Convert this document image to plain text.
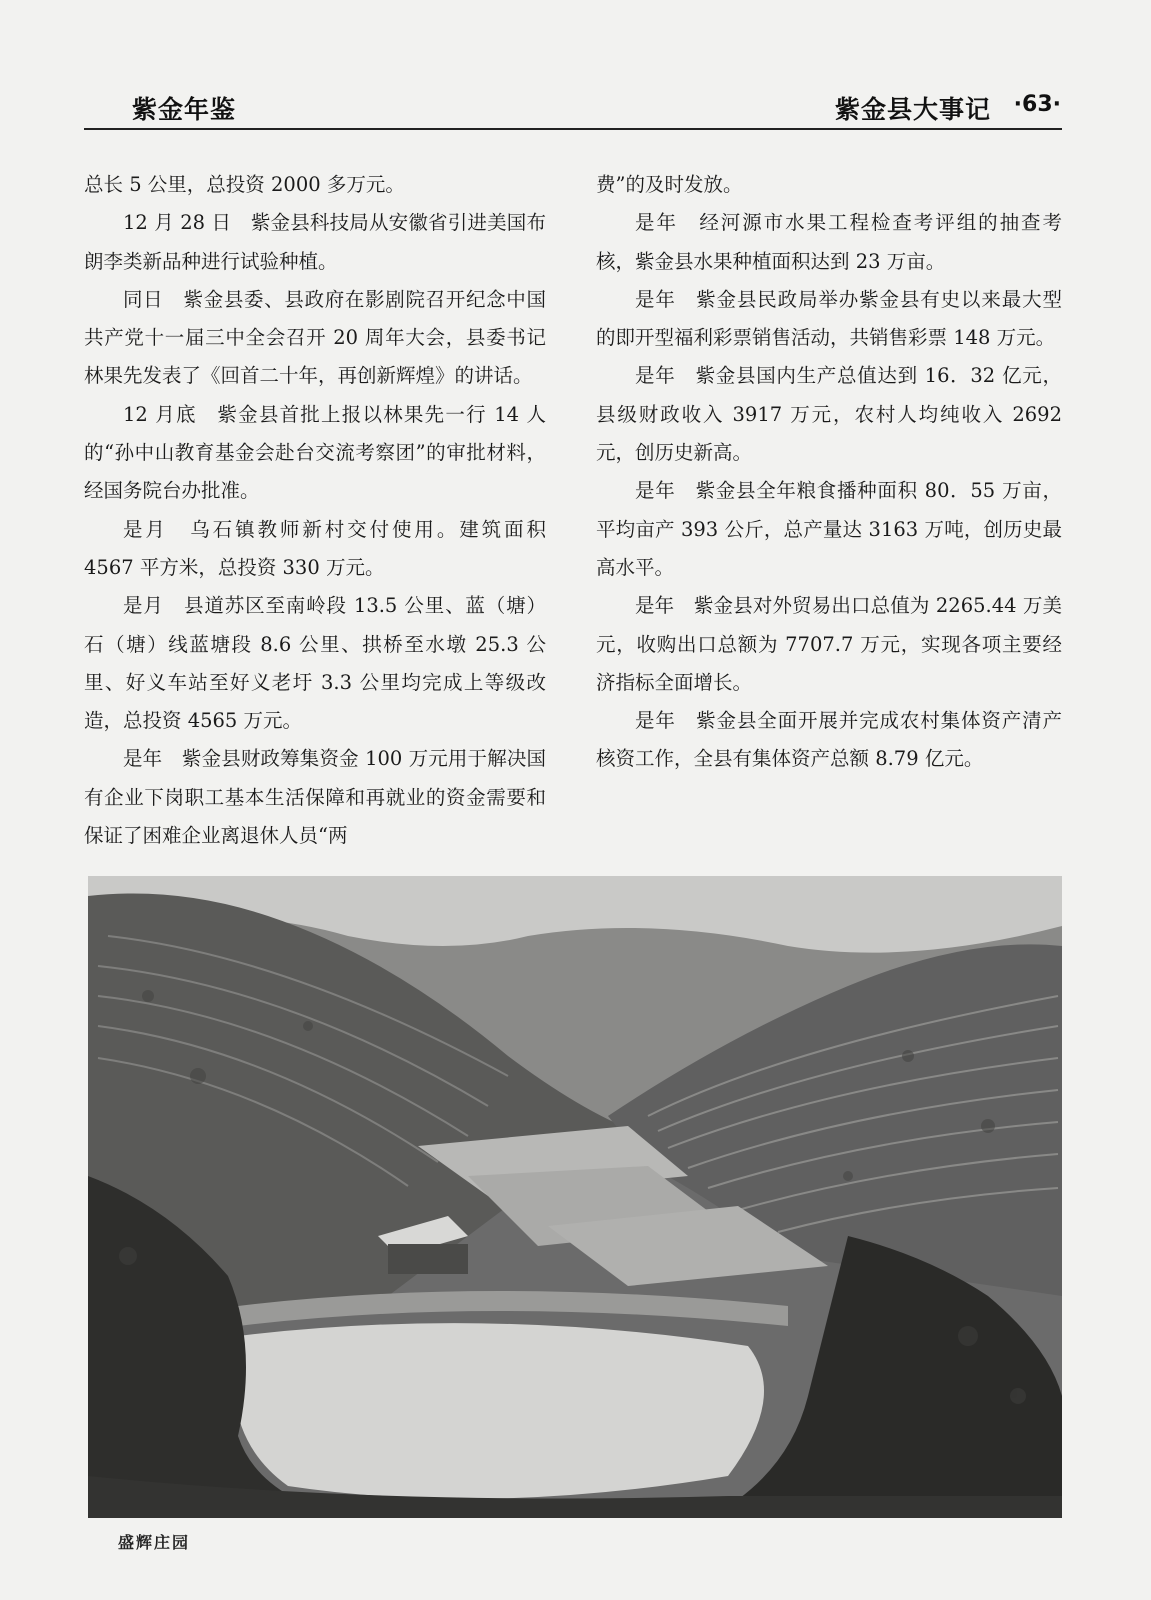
紫金年鉴	紫金县大事记 ·63·

总长 5 公里，总投资 2000 多万元。

12 月 28 日　紫金县科技局从安徽省引进美国布朗李类新品种进行试验种植。

同日　紫金县委、县政府在影剧院召开纪念中国共产党十一届三中全会召开 20 周年大会，县委书记林果先发表了《回首二十年，再创新辉煌》的讲话。

12 月底　紫金县首批上报以林果先一行 14 人的“孙中山教育基金会赴台交流考察团”的审批材料，经国务院台办批准。

是月　乌石镇教师新村交付使用。建筑面积 4567 平方米，总投资 330 万元。

是月　县道苏区至南岭段 13.5 公里、蓝（塘）石（塘）线蓝塘段 8.6 公里、拱桥至水墩 25.3 公里、好义车站至好义老圩 3.3 公里均完成上等级改造，总投资 4565 万元。

是年　紫金县财政筹集资金 100 万元用于解决国有企业下岗职工基本生活保障和再就业的资金需要和保证了困难企业离退休人员“两

费”的及时发放。

是年　经河源市水果工程检查考评组的抽查考核，紫金县水果种植面积达到 23 万亩。

是年　紫金县民政局举办紫金县有史以来最大型的即开型福利彩票销售活动，共销售彩票 148 万元。

是年　紫金县国内生产总值达到 16．32 亿元，县级财政收入 3917 万元，农村人均纯收入 2692 元，创历史新高。

是年　紫金县全年粮食播种面积 80．55 万亩，平均亩产 393 公斤，总产量达 3163 万吨，创历史最高水平。

是年　紫金县对外贸易出口总值为 2265.44 万美元，收购出口总额为 7707.7 万元，实现各项主要经济指标全面增长。

是年　紫金县全面开展并完成农村集体资产清产核资工作，全县有集体资产总额 8.79 亿元。

盛辉庄园
